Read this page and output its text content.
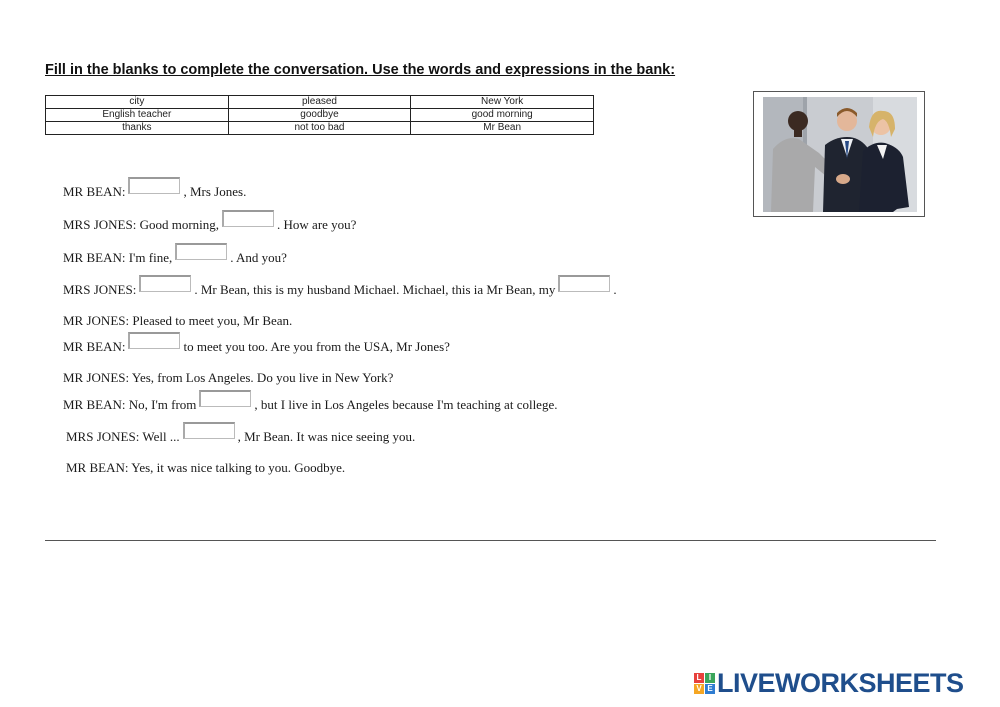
Fill in the blanks to complete the conversation. Use the words and expressions in the bank:

city	pleased	New York
English teacher	goodbye	good morning
thanks	not too bad	Mr Bean
MR BEAN:	, Mrs Jones.
MRS JONES: Good morning,	. How are you?
MR BEAN: I'm fine,	. And you?
MRS JONES:	. Mr Bean, this is my husband Michael. Michael, this ia Mr Bean, my	.
MR JONES: Pleased to meet you, Mr Bean.
MR BEAN:	to meet you too. Are you from the USA, Mr Jones?
MR JONES: Yes, from Los Angeles. Do you live in New York?
MR BEAN: No, I'm from	, but I live in Los Angeles because I'm teaching at college.
MRS JONES: Well ...	, Mr Bean. It was nice seeing you.
MR BEAN: Yes, it was nice talking to you. Goodbye.
L I
V E LIVEWORKSHEETS
